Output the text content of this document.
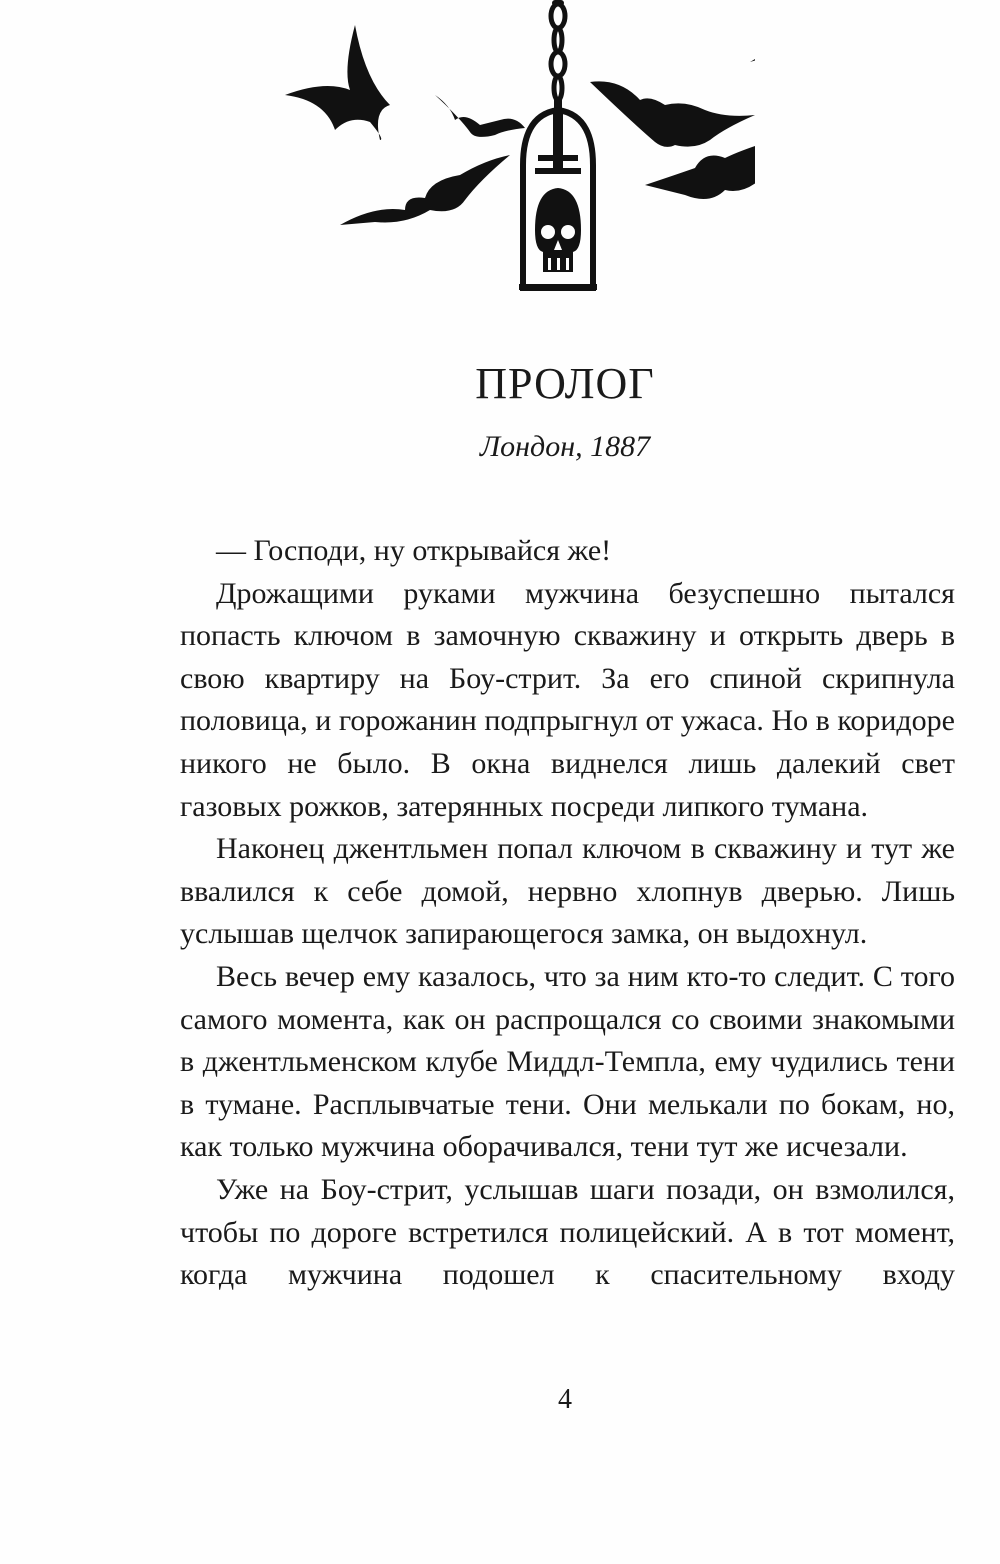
ПРОЛОГ
Лондон, 1887

— Господи, ну открывайся же!

Дрожащими руками мужчина безуспешно пытался попасть ключом в замочную скважину и открыть дверь в свою квартиру на Боу-стрит. За его спиной скрипнула половица, и горожанин подпрыгнул от ужаса. Но в коридоре никого не было. В окна виднелся лишь далекий свет газовых рожков, затерянных посреди липкого тумана.

Наконец джентльмен попал ключом в скважину и тут же ввалился к себе домой, нервно хлопнув дверью. Лишь услышав щелчок запирающегося замка, он выдохнул.

Весь вечер ему казалось, что за ним кто-то следит. С того самого момента, как он распрощался со своими знакомыми в джентльменском клубе Миддл-Темпла, ему чудились тени в тумане. Расплывчатые тени. Они мелькали по бокам, но, как только мужчина оборачивался, тени тут же исчезали.

Уже на Боу-стрит, услышав шаги позади, он взмолился, чтобы по дороге встретился полицейский. А в тот момент, когда мужчина подошел к спасительному входу

4
